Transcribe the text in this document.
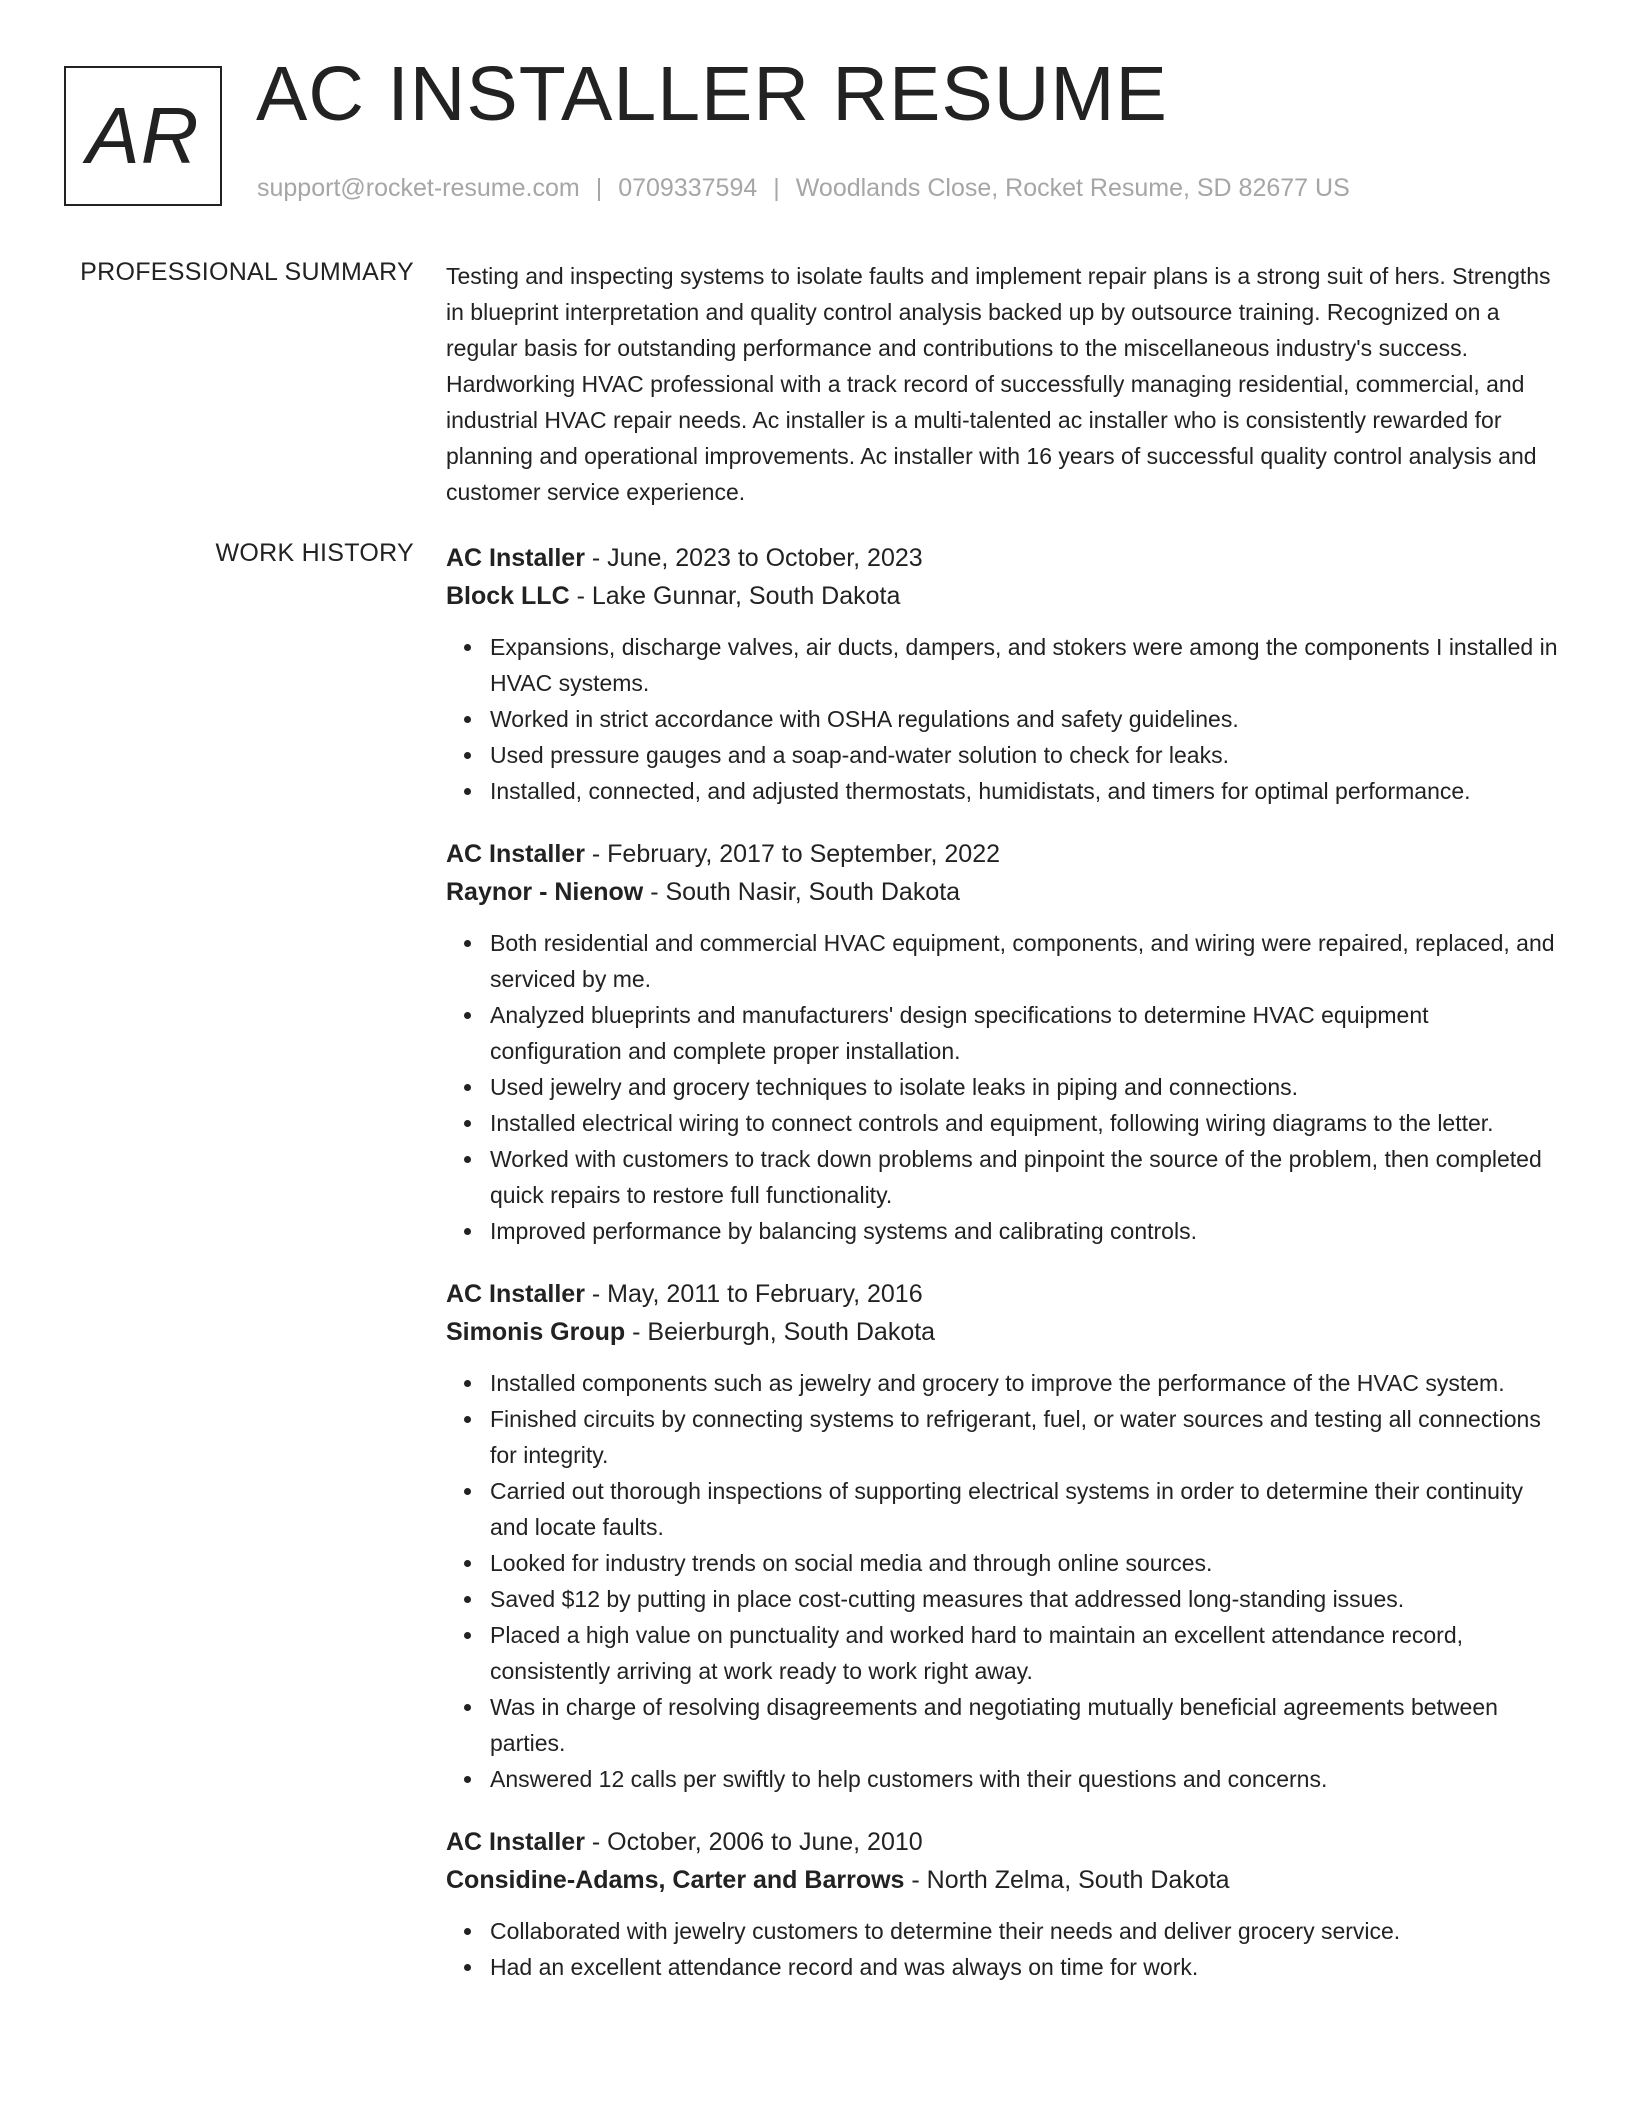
AR AC INSTALLER RESUME
support@rocket-resume.com | 0709337594 | Woodlands Close, Rocket Resume, SD 82677 US
PROFESSIONAL SUMMARY Testing and inspecting systems to isolate faults and implement repair plans is a strong suit of hers. Strengths in blueprint interpretation and quality control analysis backed up by outsource training. Recognized on a regular basis for outstanding performance and contributions to the miscellaneous industry's success. Hardworking HVAC professional with a track record of successfully managing residential, commercial, and industrial HVAC repair needs. Ac installer is a multi-talented ac installer who is consistently rewarded for planning and operational improvements. Ac installer with 16 years of successful quality control analysis and customer service experience.

WORK HISTORY AC Installer - June, 2023 to October, 2023
Block LLC - Lake Gunnar, South Dakota
Expansions, discharge valves, air ducts, dampers, and stokers were among the components I installed in HVAC systems.
Worked in strict accordance with OSHA regulations and safety guidelines.
Used pressure gauges and a soap-and-water solution to check for leaks.
Installed, connected, and adjusted thermostats, humidistats, and timers for optimal performance.
AC Installer - February, 2017 to September, 2022
Raynor - Nienow - South Nasir, South Dakota
Both residential and commercial HVAC equipment, components, and wiring were repaired, replaced, and serviced by me.
Analyzed blueprints and manufacturers' design specifications to determine HVAC equipment configuration and complete proper installation.
Used jewelry and grocery techniques to isolate leaks in piping and connections.
Installed electrical wiring to connect controls and equipment, following wiring diagrams to the letter.
Worked with customers to track down problems and pinpoint the source of the problem, then completed quick repairs to restore full functionality.
Improved performance by balancing systems and calibrating controls.
AC Installer - May, 2011 to February, 2016
Simonis Group - Beierburgh, South Dakota
Installed components such as jewelry and grocery to improve the performance of the HVAC system.
Finished circuits by connecting systems to refrigerant, fuel, or water sources and testing all connections for integrity.
Carried out thorough inspections of supporting electrical systems in order to determine their continuity and locate faults.
Looked for industry trends on social media and through online sources.
Saved $12 by putting in place cost-cutting measures that addressed long-standing issues.
Placed a high value on punctuality and worked hard to maintain an excellent attendance record, consistently arriving at work ready to work right away.
Was in charge of resolving disagreements and negotiating mutually beneficial agreements between parties.
Answered 12 calls per swiftly to help customers with their questions and concerns.
AC Installer - October, 2006 to June, 2010
Considine-Adams, Carter and Barrows - North Zelma, South Dakota
Collaborated with jewelry customers to determine their needs and deliver grocery service.
Had an excellent attendance record and was always on time for work.
